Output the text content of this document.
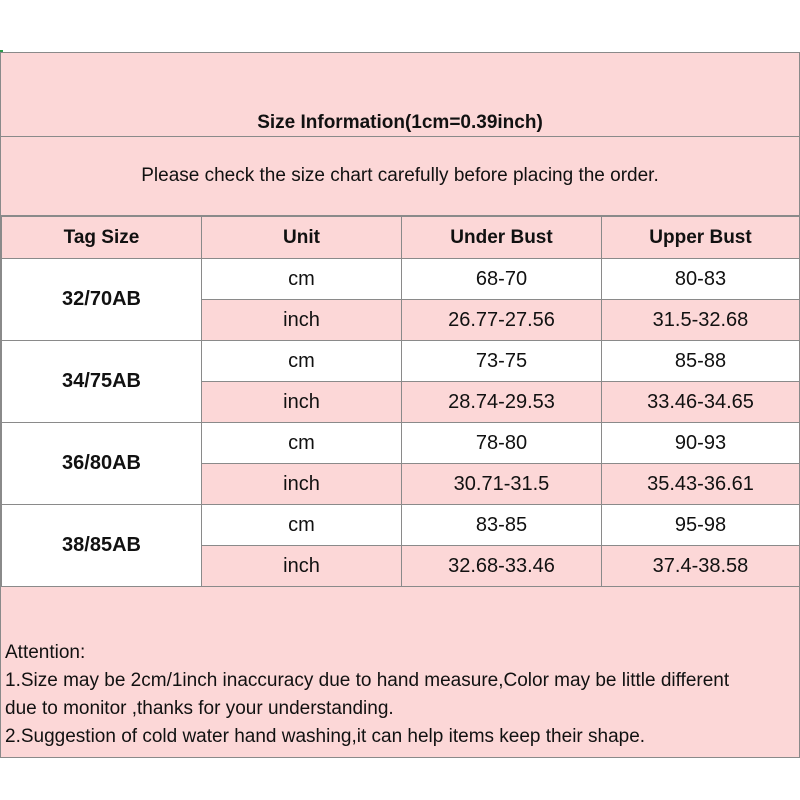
Size Information(1cm=0.39inch)
Please check the size chart carefully before placing the order.
Tag Size	Unit	Under Bust	Upper Bust
32/70AB	cm	68-70	80-83
	inch	26.77-27.56	31.5-32.68
34/75AB	cm	73-75	85-88
	inch	28.74-29.53	33.46-34.65
36/80AB	cm	78-80	90-93
	inch	30.71-31.5	35.43-36.61
38/85AB	cm	83-85	95-98
	inch	32.68-33.46	37.4-38.58
Attention:
1.Size may be 2cm/1inch inaccuracy due to hand measure,Color may be little different
due to monitor ,thanks for your understanding.
2.Suggestion of cold water hand washing,it can help items keep their shape.
